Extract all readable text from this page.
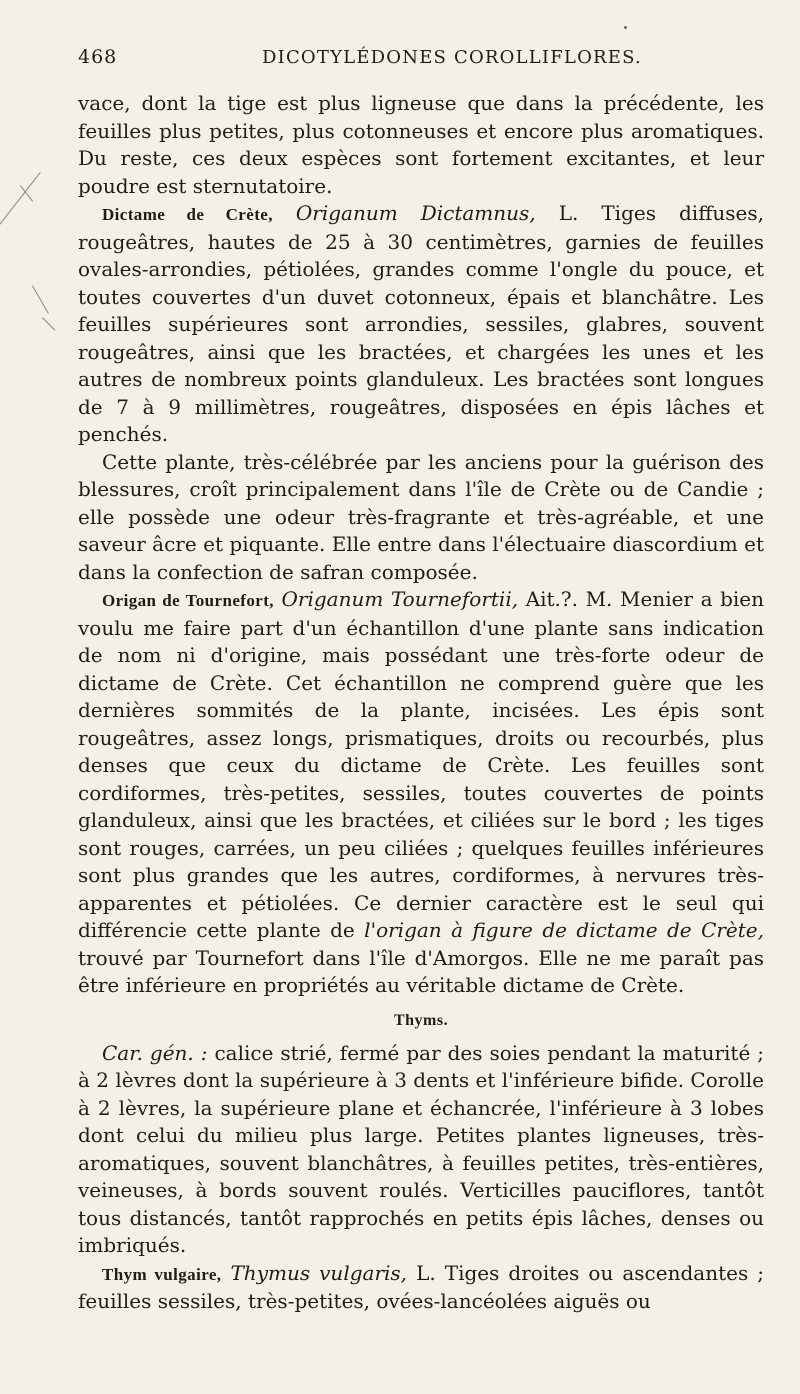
468	DICOTYLÉDONES COROLLIFLORES.

vace, dont la tige est plus ligneuse que dans la précédente, les feuilles plus petites, plus cotonneuses et encore plus aromatiques. Du reste, ces deux espèces sont fortement excitantes, et leur poudre est sternutatoire.

Dictame de Crète, Origanum Dictamnus, L. Tiges diffuses, rougeâtres, hautes de 25 à 30 centimètres, garnies de feuilles ovales-arrondies, pétiolées, grandes comme l'ongle du pouce, et toutes couvertes d'un duvet cotonneux, épais et blanchâtre. Les feuilles supérieures sont arrondies, sessiles, glabres, souvent rougeâtres, ainsi que les bractées, et chargées les unes et les autres de nombreux points glanduleux. Les bractées sont longues de 7 à 9 millimètres, rougeâtres, disposées en épis lâches et penchés.

Cette plante, très-célébrée par les anciens pour la guérison des blessures, croît principalement dans l'île de Crète ou de Candie ; elle possède une odeur très-fragrante et très-agréable, et une saveur âcre et piquante. Elle entre dans l'électuaire diascordium et dans la confection de safran composée.

Origan de Tournefort, Origanum Tournefortii, Ait.?. M. Menier a bien voulu me faire part d'un échantillon d'une plante sans indication de nom ni d'origine, mais possédant une très-forte odeur de dictame de Crète. Cet échantillon ne comprend guère que les dernières sommités de la plante, incisées. Les épis sont rougeâtres, assez longs, prismatiques, droits ou recourbés, plus denses que ceux du dictame de Crète. Les feuilles sont cordiformes, très-petites, sessiles, toutes couvertes de points glanduleux, ainsi que les bractées, et ciliées sur le bord ; les tiges sont rouges, carrées, un peu ciliées ; quelques feuilles inférieures sont plus grandes que les autres, cordiformes, à nervures très-apparentes et pétiolées. Ce dernier caractère est le seul qui différencie cette plante de l'origan à figure de dictame de Crète, trouvé par Tournefort dans l'île d'Amorgos. Elle ne me paraît pas être inférieure en propriétés au véritable dictame de Crète.

Thyms.

Car. gén. : calice strié, fermé par des soies pendant la maturité ; à 2 lèvres dont la supérieure à 3 dents et l'inférieure bifide. Corolle à 2 lèvres, la supérieure plane et échancrée, l'inférieure à 3 lobes dont celui du milieu plus large. Petites plantes ligneuses, très-aromatiques, souvent blanchâtres, à feuilles petites, très-entières, veineuses, à bords souvent roulés. Verticilles pauciflores, tantôt tous distancés, tantôt rapprochés en petits épis lâches, denses ou imbriqués.

Thym vulgaire, Thymus vulgaris, L. Tiges droites ou ascendantes ; feuilles sessiles, très-petites, ovées-lancéolées aiguës ou
